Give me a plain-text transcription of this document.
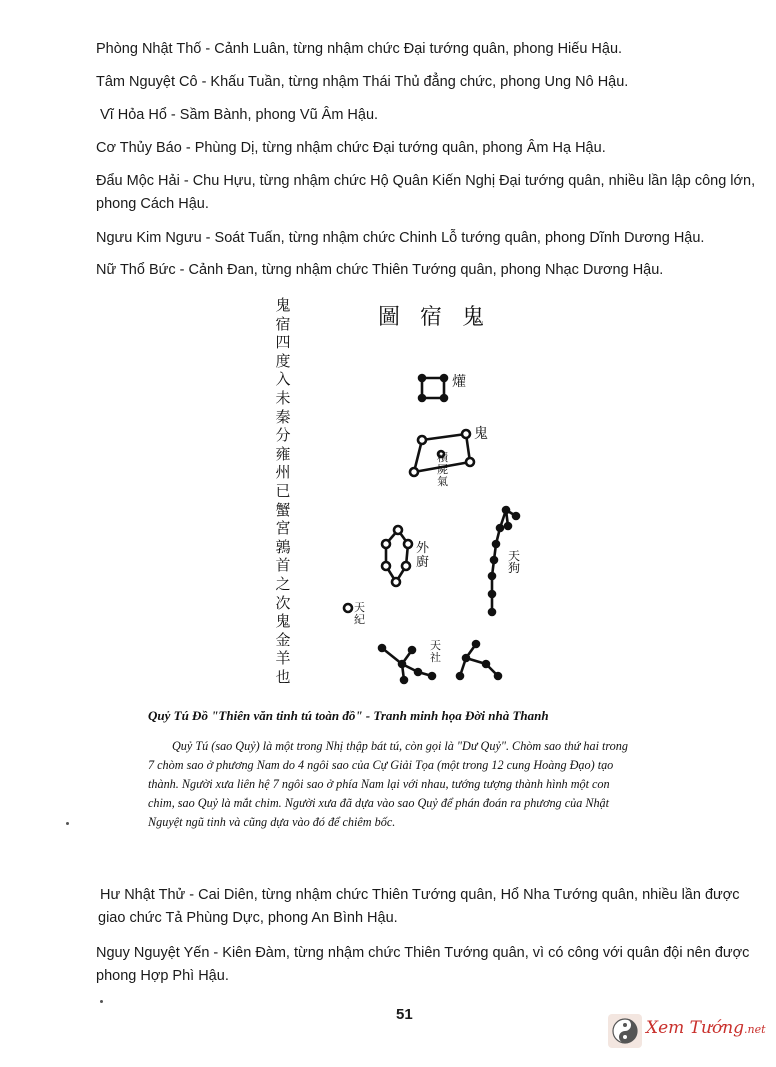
Phòng Nhật Thố - Cảnh Luân, từng nhậm chức Đại tướng quân, phong Hiếu Hậu.
Tâm Nguyệt Cô - Khấu Tuần, từng nhậm Thái Thủ đẳng chức, phong Ung Nô Hậu.
Vĩ Hỏa Hổ - Sầm Bành, phong Vũ Âm Hậu.
Cơ Thủy Báo - Phùng Dị, từng nhậm chức Đại tướng quân, phong Âm Hạ Hậu.
Đẩu Mộc Hải - Chu Hựu, từng nhậm chức Hộ Quân Kiến Nghị Đại tướng quân, nhiều lần lập công lớn, phong Cách Hậu.
Ngưu Kim Ngưu - Soát Tuấn, từng nhậm chức Chinh Lỗ tướng quân, phong Dĩnh Dương Hậu.
Nữ Thổ Bức - Cảnh Đan, từng nhậm chức Thiên Tướng quân, phong Nhạc Dương Hậu.
鬼
宿
四
度
入
未
秦
分
雍
州
已
蟹
宮
鶉
首
之
次
鬼
金
羊
也
圖宿鬼
爟
鬼
積屍氣
外廚	天狗
天紀
天社
Quỷ Tú Đồ "Thiên văn tinh tú toàn đồ" - Tranh minh họa Đời nhà Thanh
Quỷ Tú (sao Quỷ) là một trong Nhị thập bát tú, còn gọi là "Dư Quỷ". Chòm sao thứ hai trong 7 chòm sao ở phương Nam do 4 ngôi sao của Cự Giải Tọa (một trong 12 cung Hoàng Đạo) tạo thành. Người xưa liên hệ 7 ngôi sao ở phía Nam lại với nhau, tướng tượng thành hình một con chim, sao Quỷ là mắt chim. Người xưa đã dựa vào sao Quỷ để phán đoán ra phương của Nhật Nguyệt ngũ tinh và cũng dựa vào đó để chiêm bốc.
Hư Nhật Thử - Cai Diên, từng nhậm chức Thiên Tướng quân, Hổ Nha Tướng quân, nhiều lần được giao chức Tả Phùng Dực, phong An Bình Hậu.
Nguy Nguyệt Yến - Kiên Đàm, từng nhậm chức Thiên Tướng quân, vì có công với quân đội nên được phong Hợp Phì Hậu.
51
Xem Tướng.net
